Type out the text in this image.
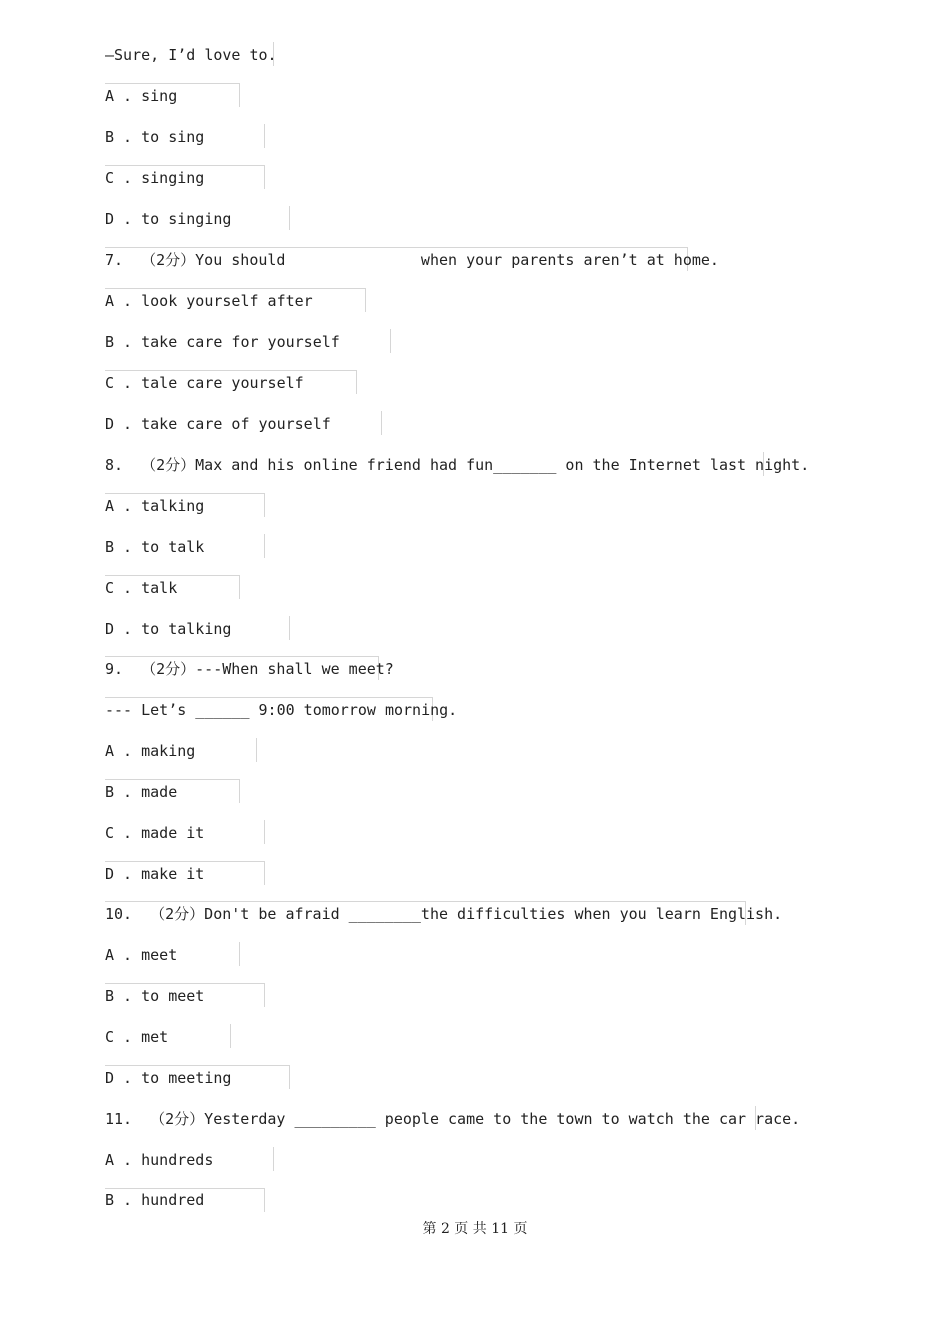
—Sure, I’d love to.
A . sing
B . to sing
C . singing
D . to singing
7.  （2分）You should               when your parents aren’t at home.
A . look yourself after
B . take care for yourself
C . tale care yourself
D . take care of yourself
8.  （2分）Max and his online friend had fun_______ on the Internet last night.
A . talking
B . to talk
C . talk
D . to talking
9.  （2分）---When shall we meet?
--- Let’s ______ 9:00 tomorrow morning.
A . making
B . made
C . made it
D . make it
10.  （2分）Don't be afraid ________the difficulties when you learn English.
A . meet
B . to meet
C . met
D . to meeting
11.  （2分）Yesterday _________ people came to the town to watch the car race.
A . hundreds
B . hundred
第 2 页 共 11 页
